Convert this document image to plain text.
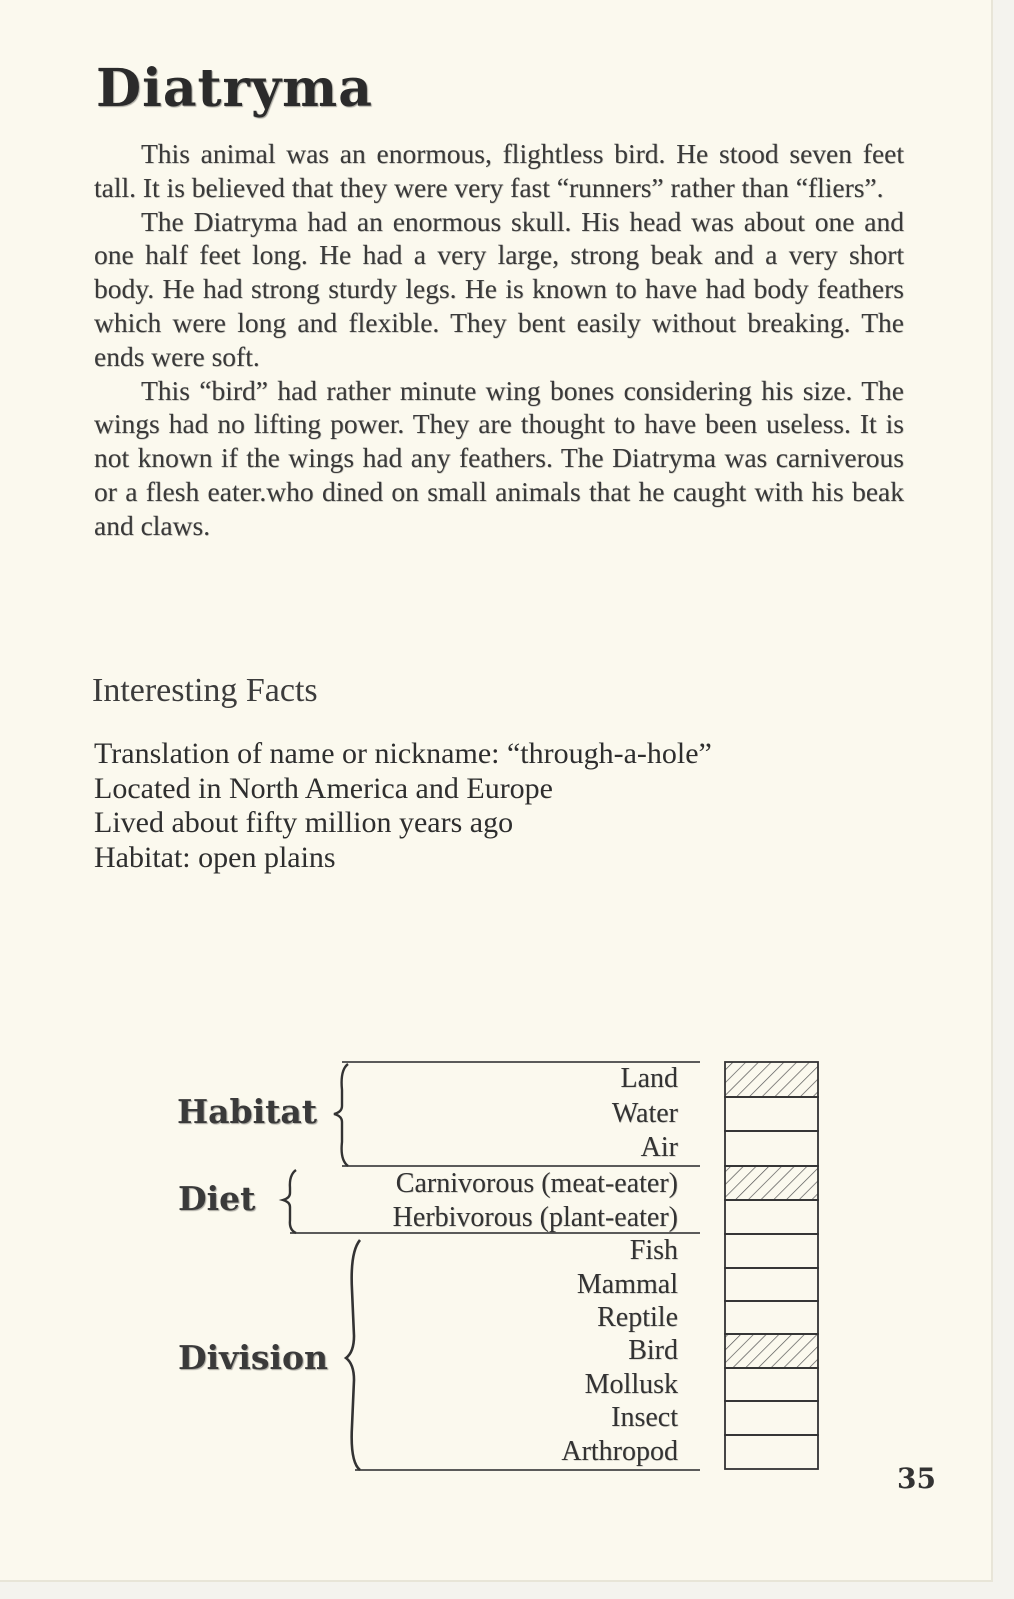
Diatryma

This animal was an enormous, flightless bird. He stood seven feet tall. It is believed that they were very fast “runners” rather than “fliers”.

The Diatryma had an enormous skull. His head was about one and one half feet long. He had a very large, strong beak and a very short body. He had strong sturdy legs. He is known to have had body feathers which were long and flexible. They bent easily without breaking. The ends were soft.

This “bird” had rather minute wing bones considering his size. The wings had no lifting power. They are thought to have been useless. It is not known if the wings had any feathers. The Diatryma was carniverous or a flesh eater.who dined on small animals that he caught with his beak and claws.

Interesting Facts
Translation of name or nickname: “through-a-hole”
Located in North America and Europe
Lived about fifty million years ago
Habitat: open plains
Habitat
Diet
Division
Land
Water
Air
Carnivorous (meat-eater)
Herbivorous (plant-eater)
Fish
Mammal
Reptile
Bird
Mollusk
Insect
Arthropod
35
